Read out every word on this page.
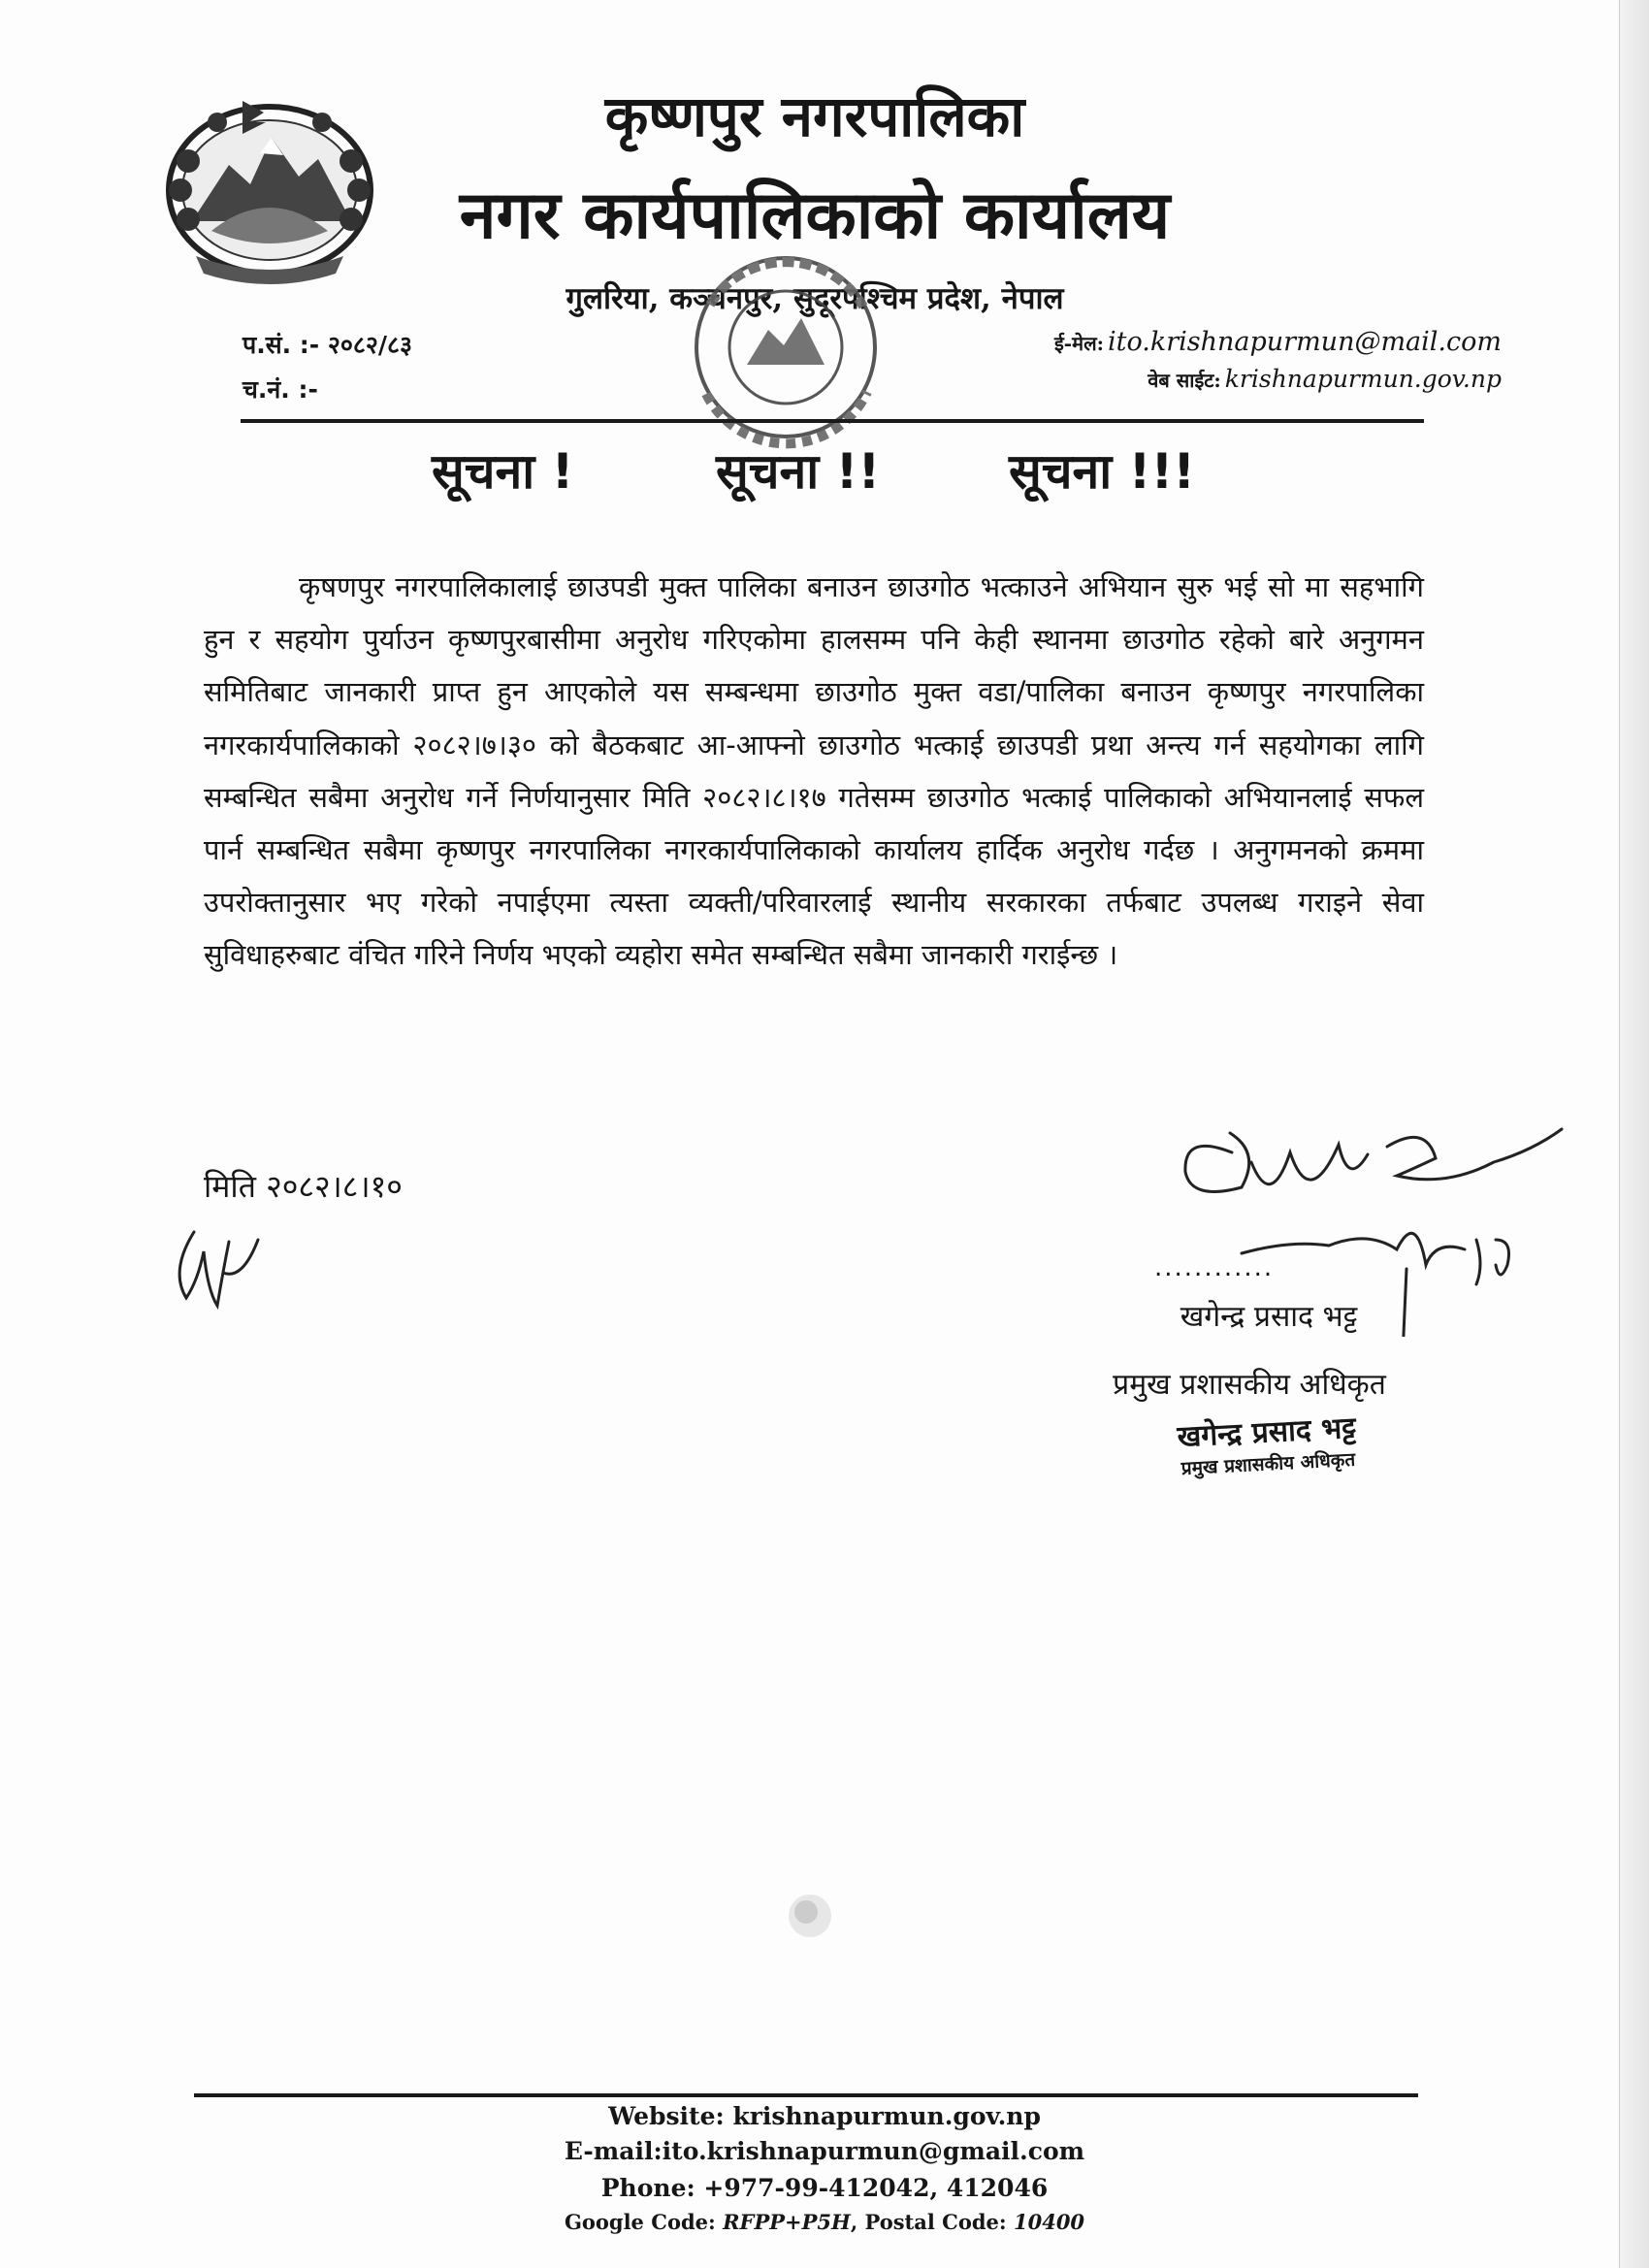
कृष्णपुर नगरपालिका
नगर कार्यपालिकाको कार्यालय
गुलरिया, कञ्चनपुर, सुदूरपश्चिम प्रदेश, नेपाल
प.सं. :- २०८२/८३
च.नं. :-
ई-मेल: ito.krishnapurmun@mail.com
वेब साईट: krishnapurmun.gov.np
सूचना !	सूचना !!	सूचना !!!

कृषणपुर नगरपालिकालाई छाउपडी मुक्त पालिका बनाउन छाउगोठ भत्काउने अभियान सुरु भई सो मा सहभागि हुन र सहयोग पुर्याउन कृष्णपुरबासीमा अनुरोध गरिएकोमा हालसम्म पनि केही स्थानमा छाउगोठ रहेको बारे अनुगमन समितिबाट जानकारी प्राप्त हुन आएकोले यस सम्बन्धमा छाउगोठ मुक्त वडा/पालिका बनाउन कृष्णपुर नगरपालिका नगरकार्यपालिकाको २०८२।७।३० को बैठकबाट आ-आफ्नो छाउगोठ भत्काई छाउपडी प्रथा अन्त्य गर्न सहयोगका लागि सम्बन्धित सबैमा अनुरोध गर्ने निर्णयानुसार मिति २०८२।८।१७ गतेसम्म छाउगोठ भत्काई पालिकाको अभियानलाई सफल पार्न सम्बन्धित सबैमा कृष्णपुर नगरपालिका नगरकार्यपालिकाको कार्यालय हार्दिक अनुरोध गर्दछ । अनुगमनको क्रममा उपरोक्तानुसार भए गरेको नपाईएमा त्यस्ता व्यक्ती/परिवारलाई स्थानीय सरकारका तर्फबाट उपलब्ध गराइने सेवा सुविधाहरुबाट वंचित गरिने निर्णय भएको व्यहोरा समेत सम्बन्धित सबैमा जानकारी गराईन्छ ।

मिति २०८२।८।१०
............
खगेन्द्र प्रसाद भट्ट
प्रमुख प्रशासकीय अधिकृत
खगेन्द्र प्रसाद भट्ट
प्रमुख प्रशासकीय अधिकृत
Website: krishnapurmun.gov.np
E-mail:ito.krishnapurmun@gmail.com
Phone: +977-99-412042, 412046
Google Code: RFPP+P5H, Postal Code: 10400
